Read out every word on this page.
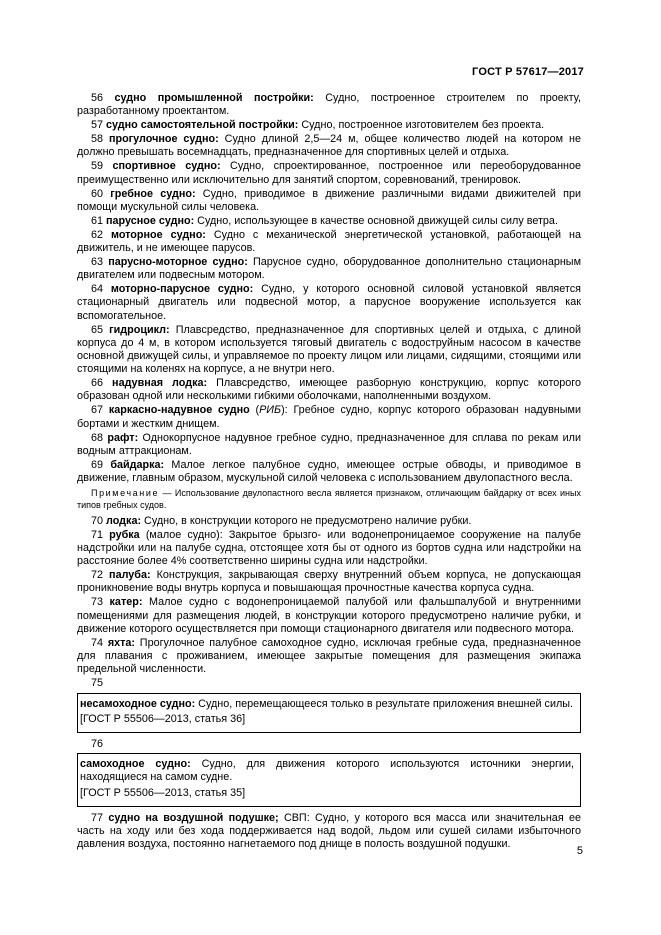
ГОСТ Р 57617—2017

56 судно промышленной постройки: Судно, построенное строителем по проекту, разработанному проектантом.

57 судно самостоятельной постройки: Судно, построенное изготовителем без проекта.

58 прогулочное судно: Судно длиной 2,5—24 м, общее количество людей на котором не должно превышать восемнадцать, предназначенное для спортивных целей и отдыха.

59 спортивное судно: Судно, спроектированное, построенное или переоборудованное преимущественно или исключительно для занятий спортом, соревнований, тренировок.

60 гребное судно: Судно, приводимое в движение различными видами движителей при помощи мускульной силы человека.

61 парусное судно: Судно, использующее в качестве основной движущей силы силу ветра.

62 моторное судно: Судно с механической энергетической установкой, работающей на движитель, и не имеющее парусов.

63 парусно-моторное судно: Парусное судно, оборудованное дополнительно стационарным двигателем или подвесным мотором.

64 моторно-парусное судно: Судно, у которого основной силовой установкой является стационарный двигатель или подвесной мотор, а парусное вооружение используется как вспомогательное.

65 гидроцикл: Плавсредство, предназначенное для спортивных целей и отдыха, с длиной корпуса до 4 м, в котором используется тяговый двигатель с водоструйным насосом в качестве основной движущей силы, и управляемое по проекту лицом или лицами, сидящими, стоящими или стоящими на коленях на корпусе, а не внутри него.

66 надувная лодка: Плавсредство, имеющее разборную конструкцию, корпус которого образован одной или несколькими гибкими оболочками, наполненными воздухом.

67 каркасно-надувное судно (РИБ): Гребное судно, корпус которого образован надувными бортами и жестким днищем.

68 рафт: Однокорпусное надувное гребное судно, предназначенное для сплава по рекам или водным аттракционам.

69 байдарка: Малое легкое палубное судно, имеющее острые обводы, и приводимое в движение, главным образом, мускульной силой человека с использованием двулопастного весла.

Примечание — Использование двулопастного весла является признаком, отличающим байдарку от всех иных типов гребных судов.

70 лодка: Судно, в конструкции которого не предусмотрено наличие рубки.

71 рубка (малое судно): Закрытое брызго- или водонепроницаемое сооружение на палубе надстройки или на палубе судна, отстоящее хотя бы от одного из бортов судна или надстройки на расстояние более 4% соответственно ширины судна или надстройки.

72 палуба: Конструкция, закрывающая сверху внутренний объем корпуса, не допускающая проникновение воды внутрь корпуса и повышающая прочностные качества корпуса судна.

73 катер: Малое судно с водонепроницаемой палубой или фальшпалубой и внутренними помещениями для размещения людей, в конструкции которого предусмотрено наличие рубки, и движение которого осуществляется при помощи стационарного двигателя или подвесного мотора.

74 яхта: Прогулочное палубное самоходное судно, исключая гребные суда, предназначенное для плавания с проживанием, имеющее закрытые помещения для размещения экипажа предельной численности.

75

несамоходное судно: Судно, перемещающееся только в результате приложения внешней силы.

[ГОСТ Р 55506—2013, статья 36]

76

самоходное судно: Судно, для движения которого используются источники энергии, находящиеся на самом судне.

[ГОСТ Р 55506—2013, статья 35]

77 судно на воздушной подушке; СВП: Судно, у которого вся масса или значительная ее часть на ходу или без хода поддерживается над водой, льдом или сушей силами избыточного давления воздуха, постоянно нагнетаемого под днище в полость воздушной подушки.

5
